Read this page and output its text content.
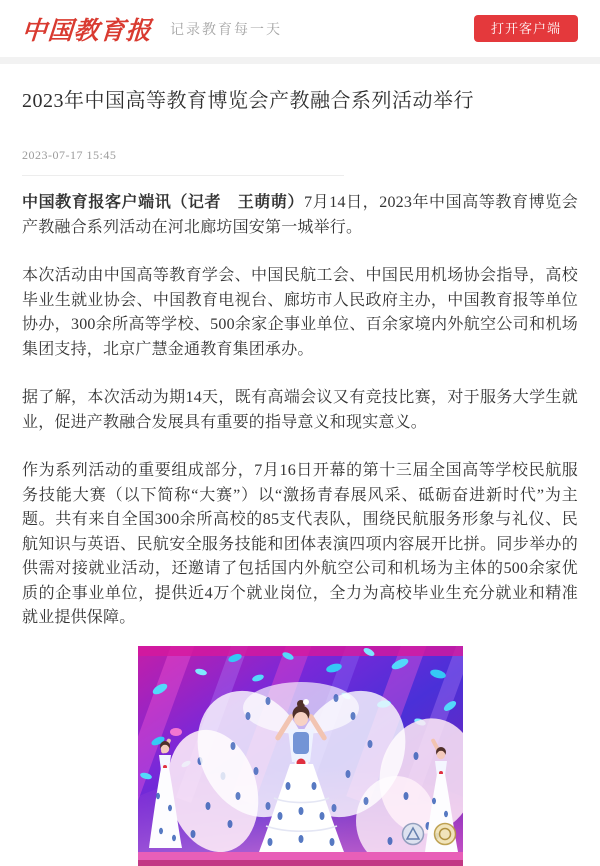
中国教育报 记录教育每一天	打开客户端
2023年中国高等教育博览会产教融合系列活动举行
2023-07-17 15:45

中国教育报客户端讯（记者　王萌萌）7月14日，2023年中国高等教育博览会产教融合系列活动在河北廊坊国安第一城举行。

本次活动由中国高等教育学会、中国民航工会、中国民用机场协会指导，高校毕业生就业协会、中国教育电视台、廊坊市人民政府主办，中国教育报等单位协办，300余所高等学校、500余家企事业单位、百余家境内外航空公司和机场集团支持，北京广慧金通教育集团承办。

据了解，本次活动为期14天，既有高端会议又有竞技比赛，对于服务大学生就业，促进产教融合发展具有重要的指导意义和现实意义。

作为系列活动的重要组成部分，7月16日开幕的第十三届全国高等学校民航服务技能大赛（以下简称“大赛”）以“激扬青春展风采、砥砺奋进新时代”为主题。共有来自全国300余所高校的85支代表队，围绕民航服务形象与礼仪、民航知识与英语、民航安全服务技能和团体表演四项内容展开比拼。同步举办的供需对接就业活动，还邀请了包括国内外航空公司和机场为主体的500余家优质的企事业单位，提供近4万个就业岗位，全力为高校毕业生充分就业和精准就业提供保障。
